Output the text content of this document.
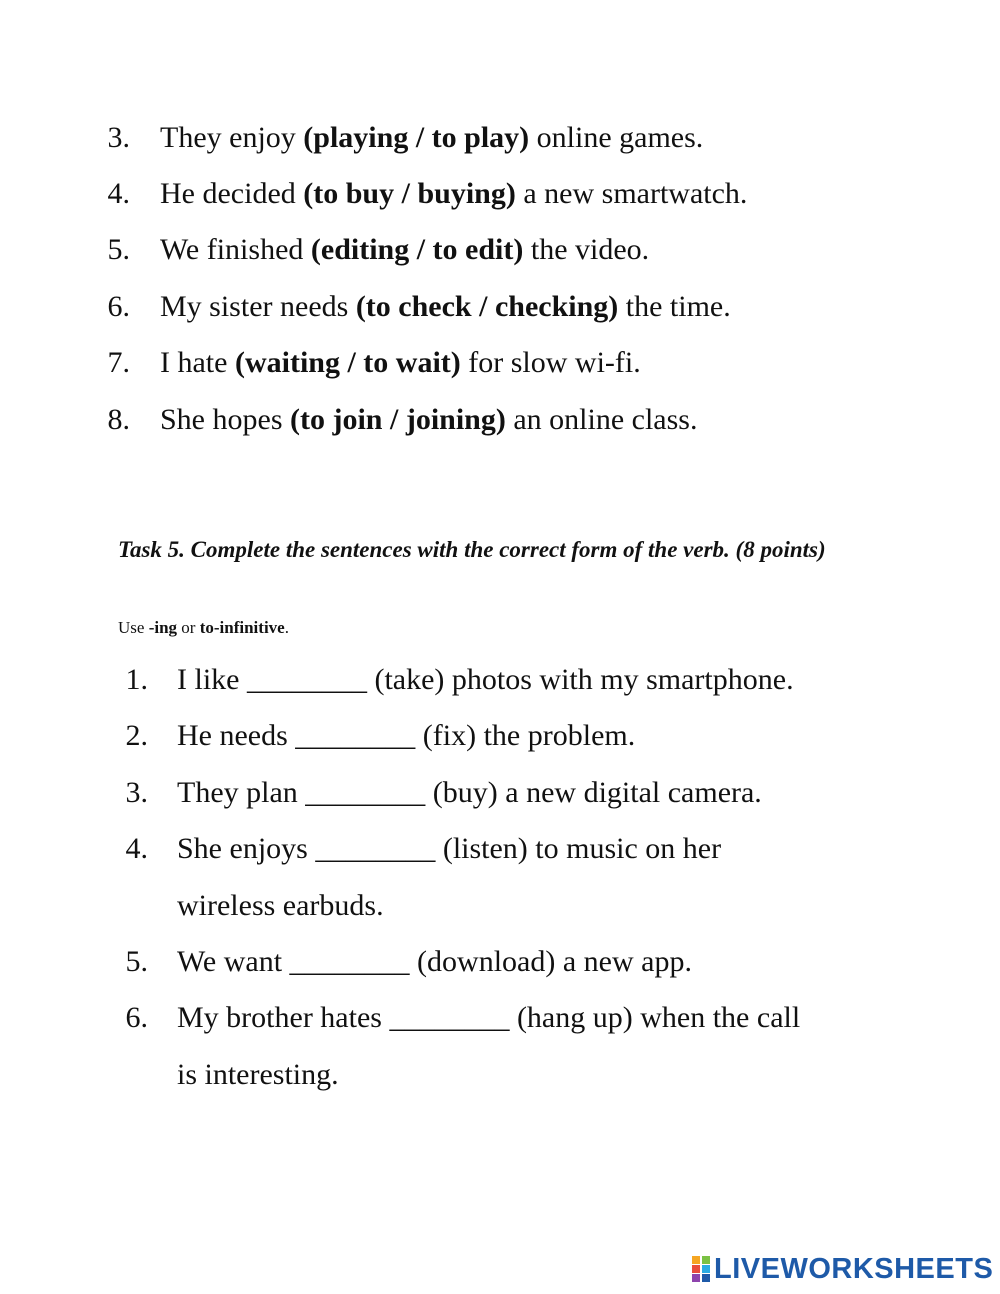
3. They enjoy (playing / to play) online games.
4. He decided (to buy / buying) a new smartwatch.
5. We finished (editing / to edit) the video.
6. My sister needs (to check / checking) the time.
7. I hate (waiting / to wait) for slow wi-fi.
8. She hopes (to join / joining) an online class.
Task 5. Complete the sentences with the correct form of the verb. (8 points)
Use -ing or to-infinitive.
1. I like ________ (take) photos with my smartphone.
2. He needs ________ (fix) the problem.
3. They plan ________ (buy) a new digital camera.
4. She enjoys ________ (listen) to music on her
wireless earbuds.
5. We want ________ (download) a new app.
6. My brother hates ________ (hang up) when the call
is interesting.
LIVEWORKSHEETS
